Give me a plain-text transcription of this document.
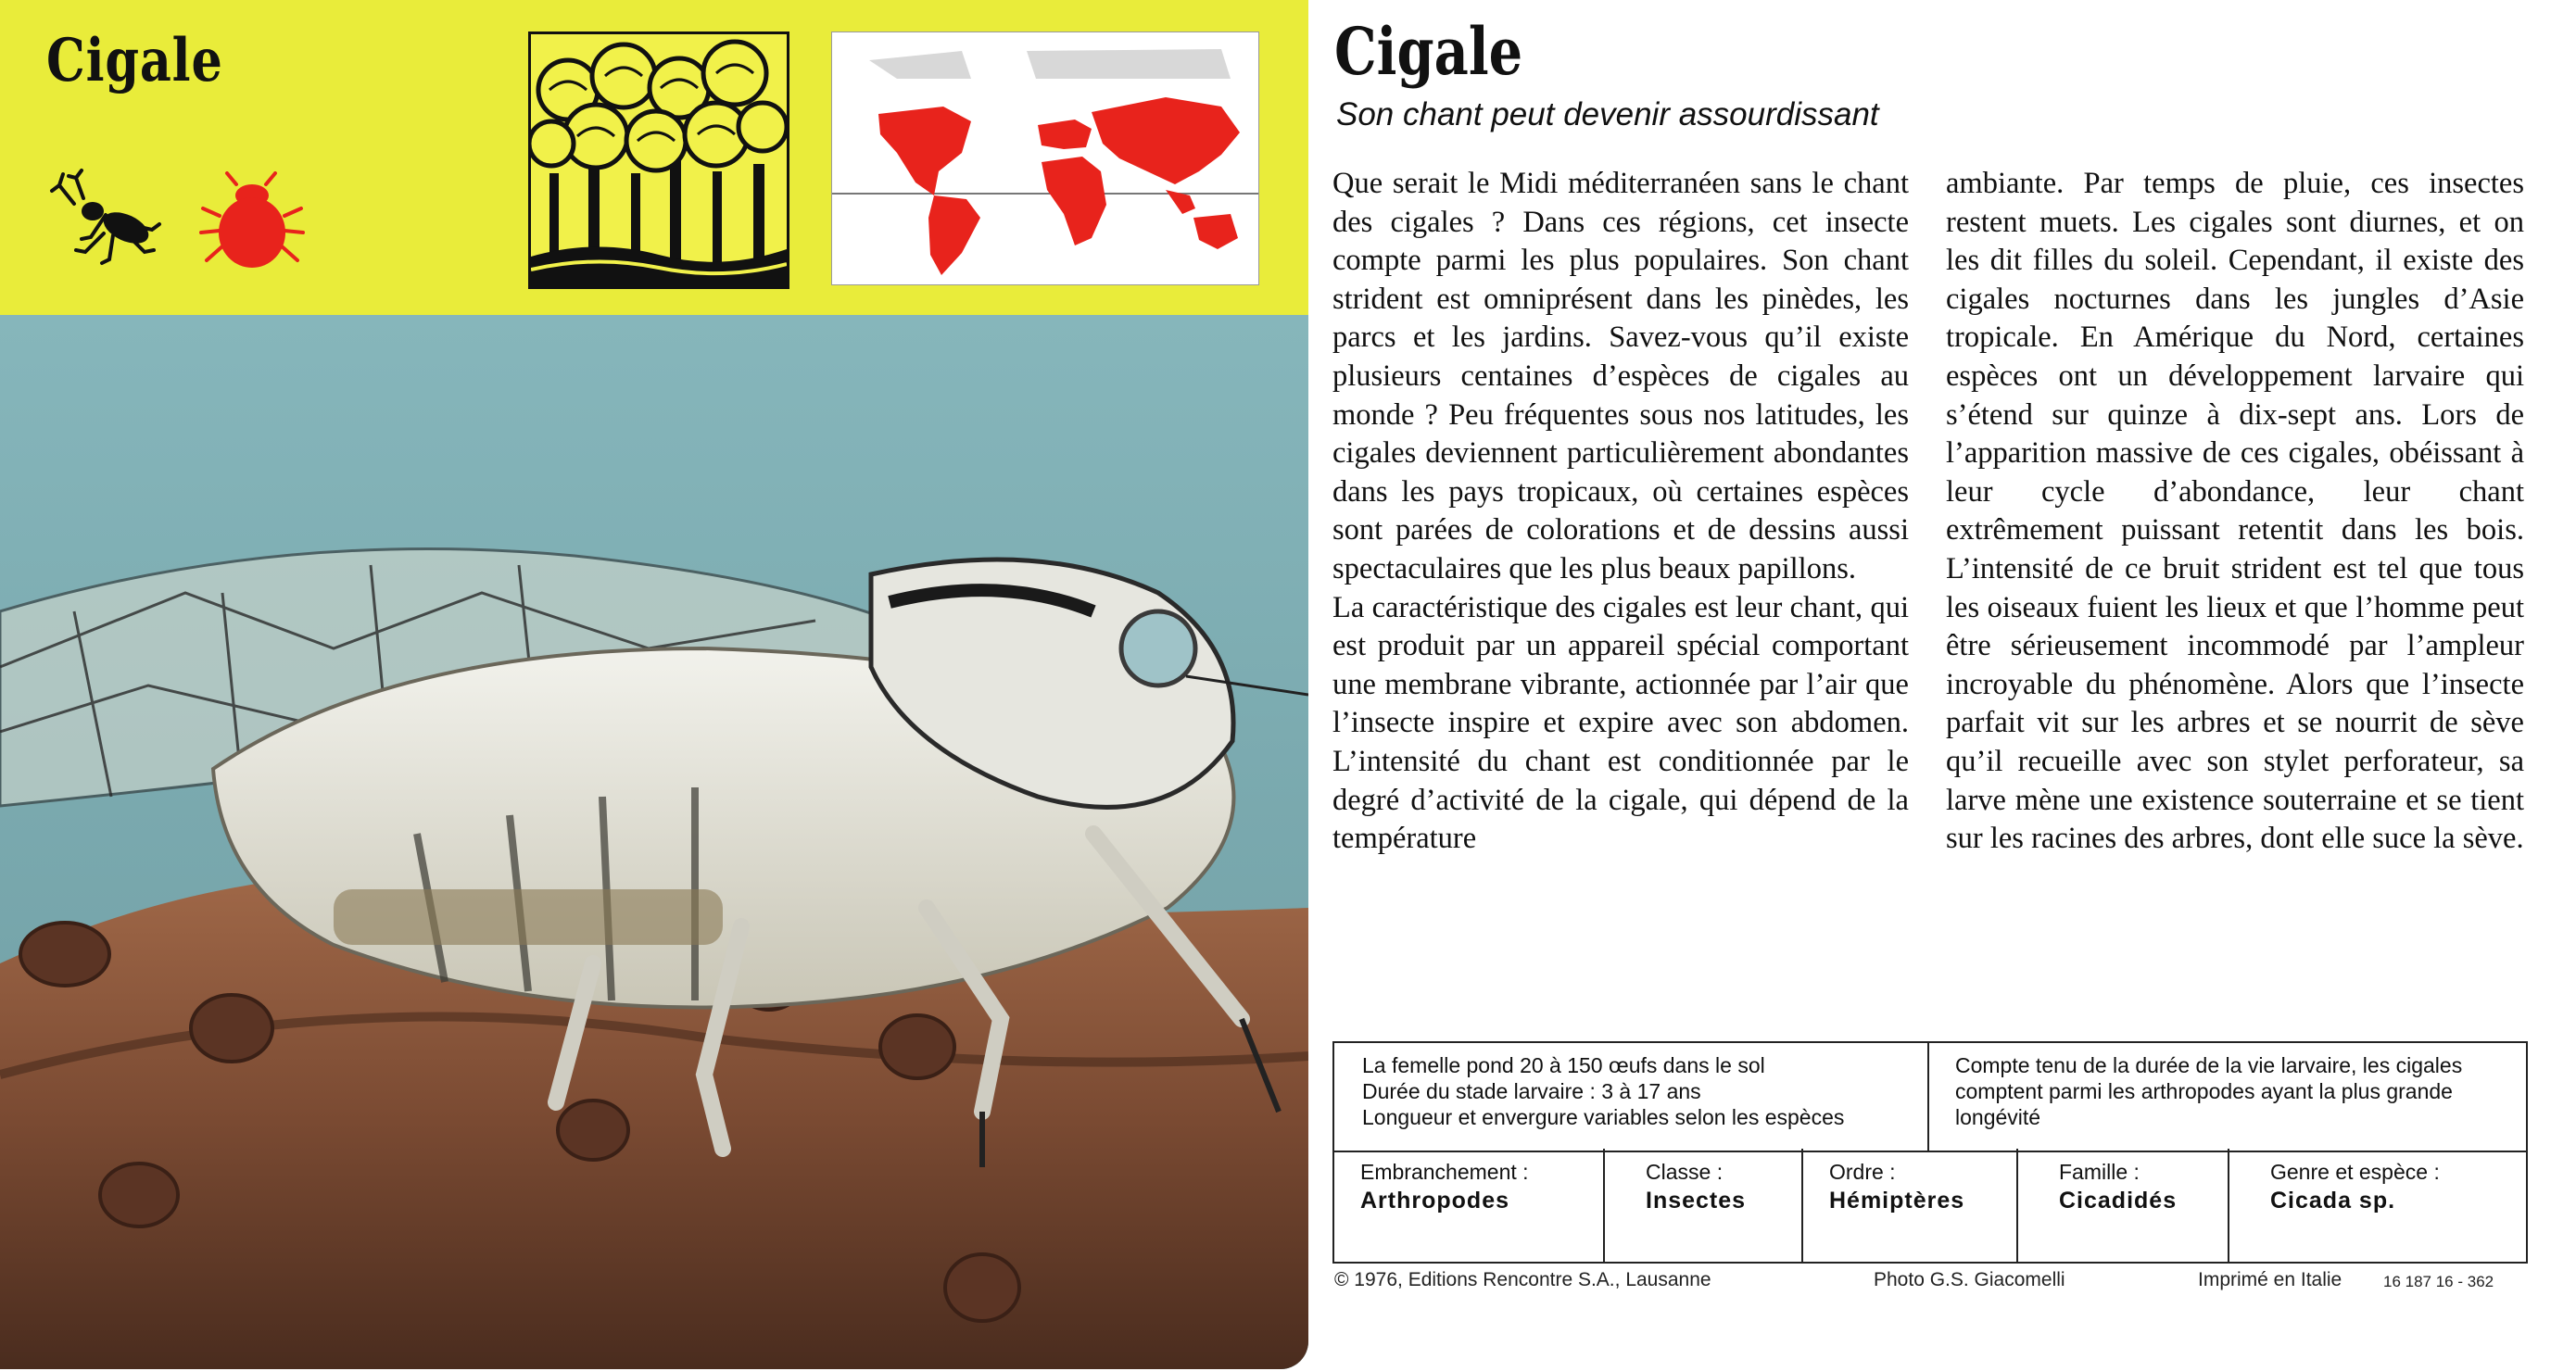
Cigale	Cigale
Son chant peut devenir assourdissant

Que serait le Midi méditerranéen sans le chant des cigales ? Dans ces régions, cet insecte compte parmi les plus populaires. Son chant strident est omniprésent dans les pinèdes, les parcs et les jardins. Savez-vous qu’il existe plusieurs centaines d’espèces de cigales au monde ? Peu fréquentes sous nos latitudes, les cigales deviennent particulièrement abondantes dans les pays tropicaux, où certaines espèces sont parées de colorations et de dessins aussi spectaculaires que les plus beaux papillons.

La caractéristique des cigales est leur chant, qui est produit par un appareil spécial comportant une membrane vibrante, actionnée par l’air que l’insecte inspire et expire avec son abdomen. L’intensité du chant est conditionnée par le degré d’activité de la cigale, qui dépend de la température

ambiante. Par temps de pluie, ces insectes restent muets. Les cigales sont diurnes, et on les dit filles du soleil. Cependant, il existe des cigales nocturnes dans les jungles d’Asie tropicale. En Amérique du Nord, certaines espèces ont un développement larvaire qui s’étend sur quinze à dix-sept ans. Lors de l’apparition massive de ces cigales, obéissant à leur cycle d’abondance, leur chant extrêmement puissant retentit dans les bois. L’intensité de ce bruit strident est tel que tous les oiseaux fuient les lieux et que l’homme peut être sérieusement incommodé par l’ampleur incroyable du phénomène. Alors que l’insecte parfait vit sur les arbres et se nourrit de sève qu’il recueille avec son stylet perforateur, sa larve mène une existence souterraine et se tient sur les racines des arbres, dont elle suce la sève.

La femelle pond 20 à 150 œufs dans le sol
Durée du stade larvaire : 3 à 17 ans
Longueur et envergure variables selon les espèces
Compte tenu de la durée de la vie larvaire, les cigales comptent parmi les arthropodes ayant la plus grande longévité
Embranchement :
Arthropodes
Classe :
Insectes
Ordre :
Hémiptères
Famille :
Cicadidés
Genre et espèce :
Cicada sp.
© 1976, Editions Rencontre S.A., Lausanne	Photo G.S. Giacomelli	Imprimé en Italie	16 187 16 - 362
